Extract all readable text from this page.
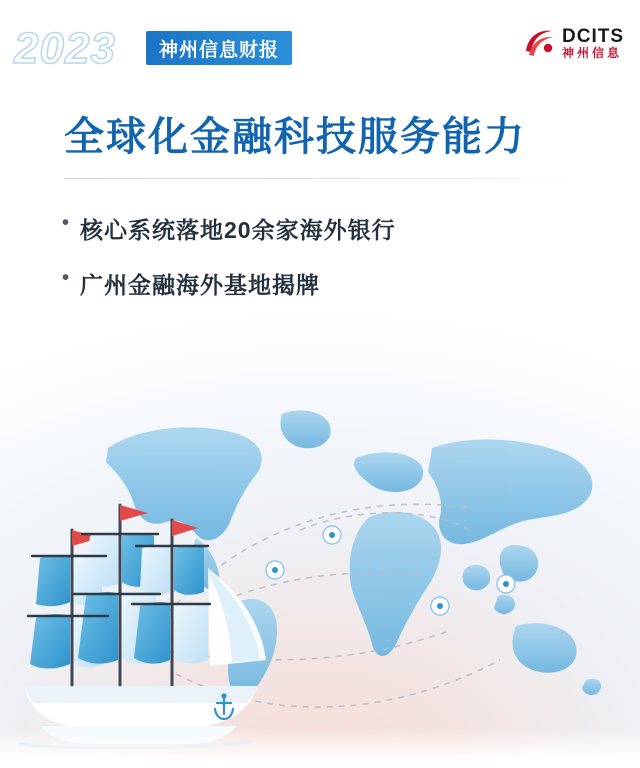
2023 神州信息财报
DCITS
神州信息
全球化金融科技服务能力
• 核心系统落地20余家海外银行
• 广州金融海外基地揭牌
